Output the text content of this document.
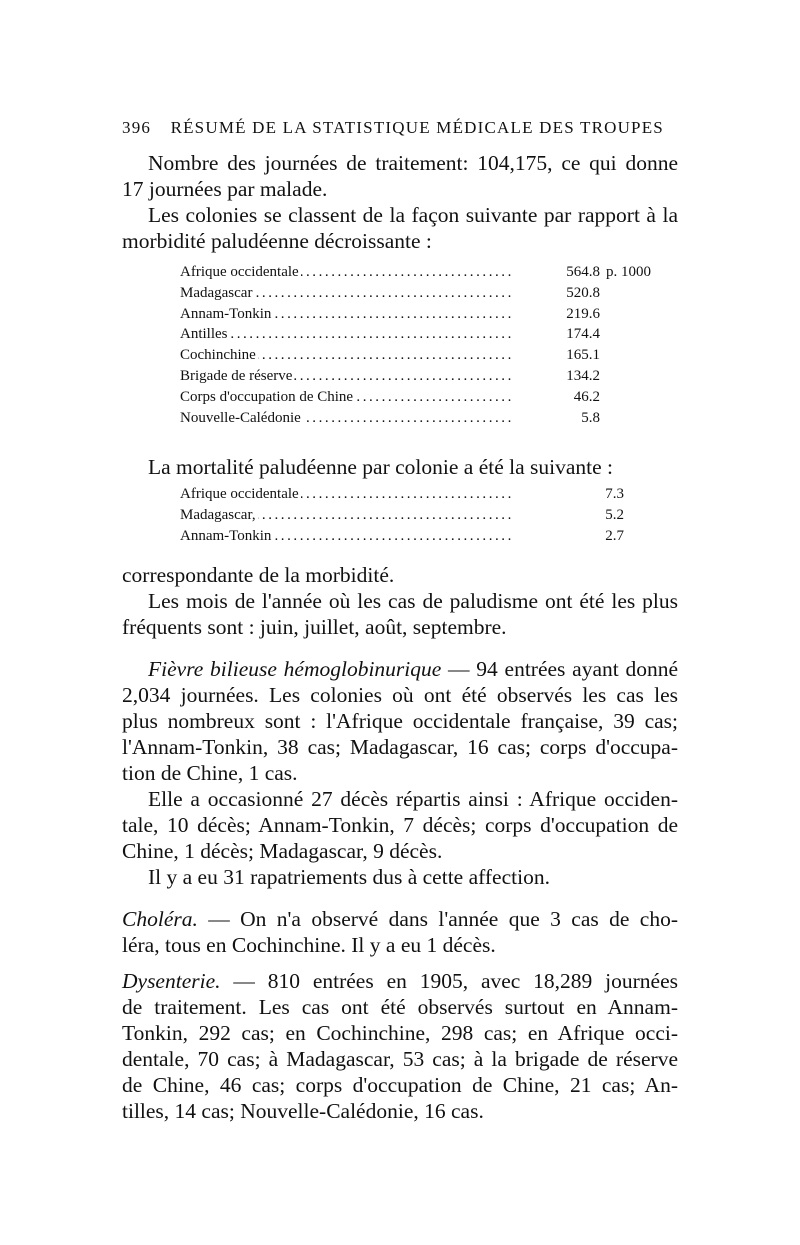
396 RÉSUMÉ DE LA STATISTIQUE MÉDICALE DES TROUPES
Nombre des journées de traitement: 104,175, ce qui donne
17 journées par malade.
Les colonies se classent de la façon suivante par rapport à la
morbidité paludéenne décroissante :
Afrique occidentale . . .	564.8 p. 1000
Madagascar . . .	520.8
Annam-Tonkin . . .	219.6
Antilles . . .	174.4
Cochinchine . . .	165.1
Brigade de réserve . . .	134.2
Corps d'occupation de Chine . . .	46.2
Nouvelle-Calédonie . . .	5.8
La mortalité paludéenne par colonie a été la suivante :
Afrique occidentale . . .	7.3
Madagascar, . . .	5.2
Annam-Tonkin . . .	2.7
correspondante de la morbidité.
Les mois de l'année où les cas de paludisme ont été les plus
fréquents sont : juin, juillet, août, septembre.
Fièvre bilieuse hémoglobinurique — 94 entrées ayant donné
2,034 journées. Les colonies où ont été observés les cas les
plus nombreux sont : l'Afrique occidentale française, 39 cas;
l'Annam-Tonkin, 38 cas; Madagascar, 16 cas; corps d'occupa-
tion de Chine, 1 cas.
Elle a occasionné 27 décès répartis ainsi : Afrique occiden-
tale, 10 décès; Annam-Tonkin, 7 décès; corps d'occupation de
Chine, 1 décès; Madagascar, 9 décès.
Il y a eu 31 rapatriements dus à cette affection.
Choléra. — On n'a observé dans l'année que 3 cas de cho-
léra, tous en Cochinchine. Il y a eu 1 décès.
Dysenterie. — 810 entrées en 1905, avec 18,289 journées
de traitement. Les cas ont été observés surtout en Annam-
Tonkin, 292 cas; en Cochinchine, 298 cas; en Afrique occi-
dentale, 70 cas; à Madagascar, 53 cas; à la brigade de réserve
de Chine, 46 cas; corps d'occupation de Chine, 21 cas; An-
tilles, 14 cas; Nouvelle-Calédonie, 16 cas.
